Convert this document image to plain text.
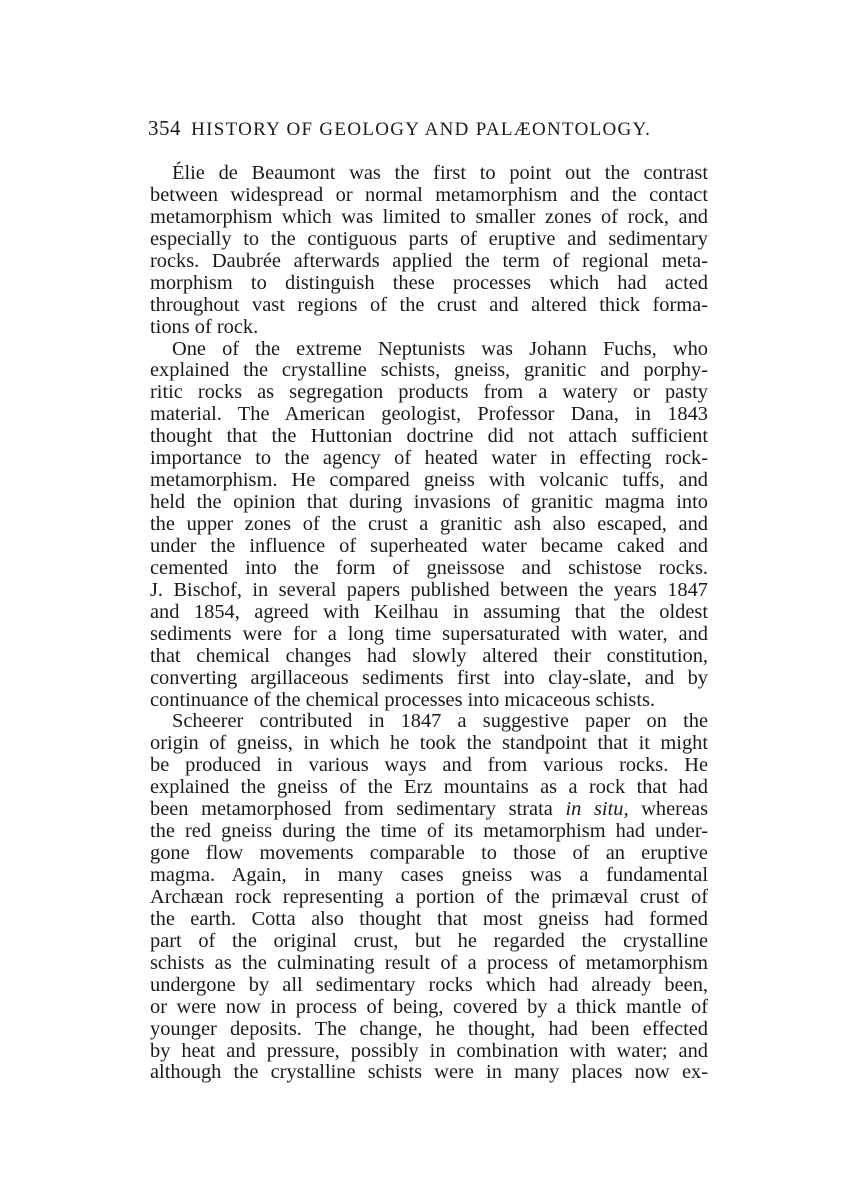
354 HISTORY OF GEOLOGY AND PALÆONTOLOGY.
Élie de Beaumont was the first to point out the contrast
between widespread or normal metamorphism and the contact
metamorphism which was limited to smaller zones of rock, and
especially to the contiguous parts of eruptive and sedimentary
rocks. Daubrée afterwards applied the term of regional meta-
morphism to distinguish these processes which had acted
throughout vast regions of the crust and altered thick forma-
tions of rock.
One of the extreme Neptunists was Johann Fuchs, who
explained the crystalline schists, gneiss, granitic and porphy-
ritic rocks as segregation products from a watery or pasty
material. The American geologist, Professor Dana, in 1843
thought that the Huttonian doctrine did not attach sufficient
importance to the agency of heated water in effecting rock-
metamorphism. He compared gneiss with volcanic tuffs, and
held the opinion that during invasions of granitic magma into
the upper zones of the crust a granitic ash also escaped, and
under the influence of superheated water became caked and
cemented into the form of gneissose and schistose rocks.
J. Bischof, in several papers published between the years 1847
and 1854, agreed with Keilhau in assuming that the oldest
sediments were for a long time supersaturated with water, and
that chemical changes had slowly altered their constitution,
converting argillaceous sediments first into clay-slate, and by
continuance of the chemical processes into micaceous schists.
Scheerer contributed in 1847 a suggestive paper on the
origin of gneiss, in which he took the standpoint that it might
be produced in various ways and from various rocks. He
explained the gneiss of the Erz mountains as a rock that had
been metamorphosed from sedimentary strata in situ, whereas
the red gneiss during the time of its metamorphism had under-
gone flow movements comparable to those of an eruptive
magma. Again, in many cases gneiss was a fundamental
Archæan rock representing a portion of the primæval crust of
the earth. Cotta also thought that most gneiss had formed
part of the original crust, but he regarded the crystalline
schists as the culminating result of a process of metamorphism
undergone by all sedimentary rocks which had already been,
or were now in process of being, covered by a thick mantle of
younger deposits. The change, he thought, had been effected
by heat and pressure, possibly in combination with water; and
although the crystalline schists were in many places now ex-
